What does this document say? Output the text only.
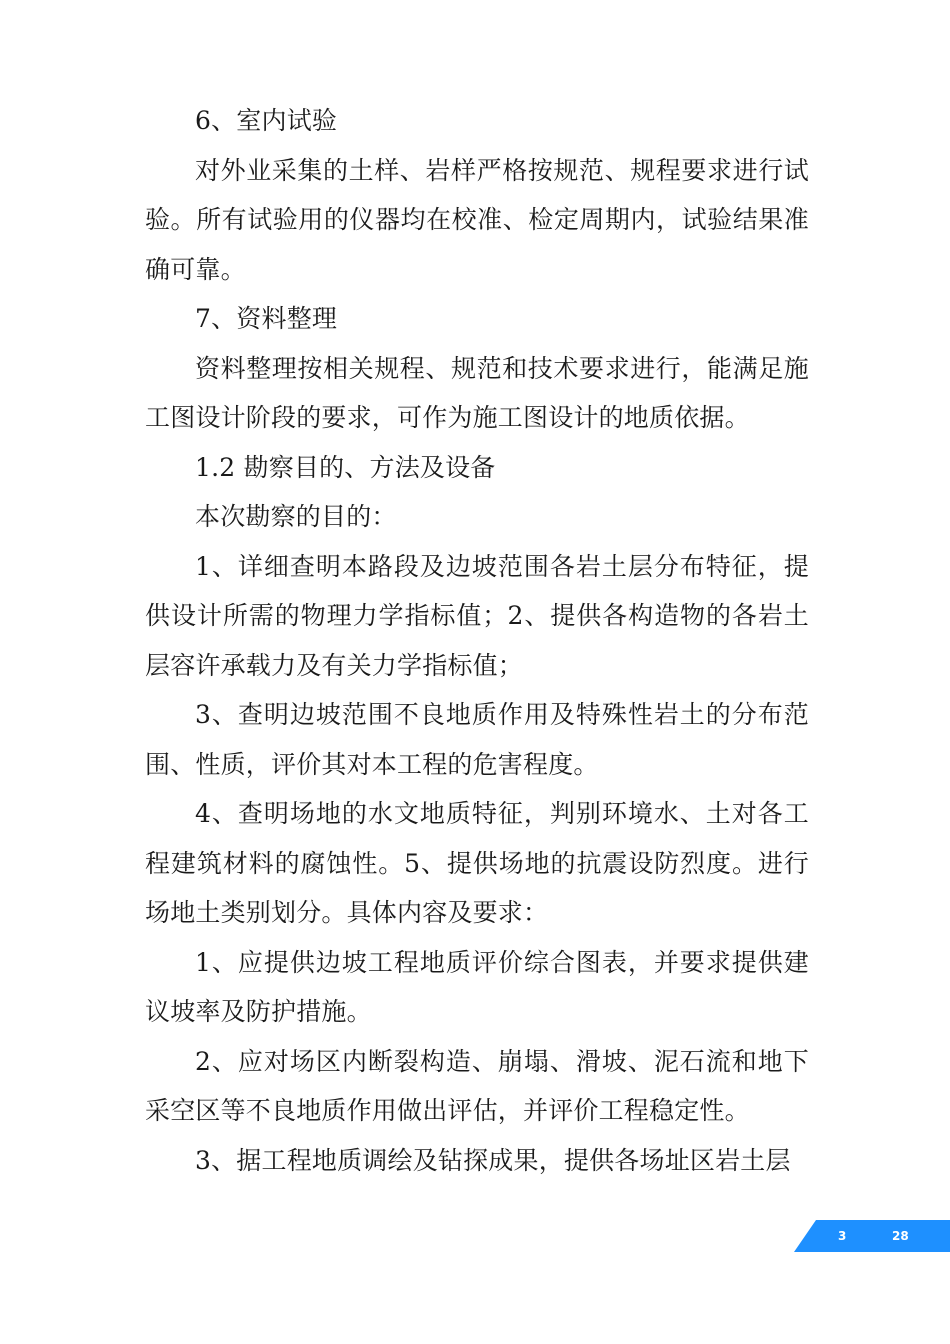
6、室内试验

对外业采集的土样、岩样严格按规范、规程要求进行试验。所有试验用的仪器均在校准、检定周期内，试验结果准确可靠。

7、资料整理

资料整理按相关规程、规范和技术要求进行，能满足施工图设计阶段的要求，可作为施工图设计的地质依据。

1.2 勘察目的、方法及设备

本次勘察的目的：

1、详细查明本路段及边坡范围各岩土层分布特征，提供设计所需的物理力学指标值；2、提供各构造物的各岩土层容许承载力及有关力学指标值；

3、查明边坡范围不良地质作用及特殊性岩土的分布范围、性质，评价其对本工程的危害程度。

4、查明场地的水文地质特征，判别环境水、土对各工程建筑材料的腐蚀性。5、提供场地的抗震设防烈度。进行场地土类别划分。具体内容及要求：

1、应提供边坡工程地质评价综合图表，并要求提供建议坡率及防护措施。

2、应对场区内断裂构造、崩塌、滑坡、泥石流和地下采空区等不良地质作用做出评估，并评价工程稳定性。

3、据工程地质调绘及钻探成果，提供各场址区岩土层

3	28
